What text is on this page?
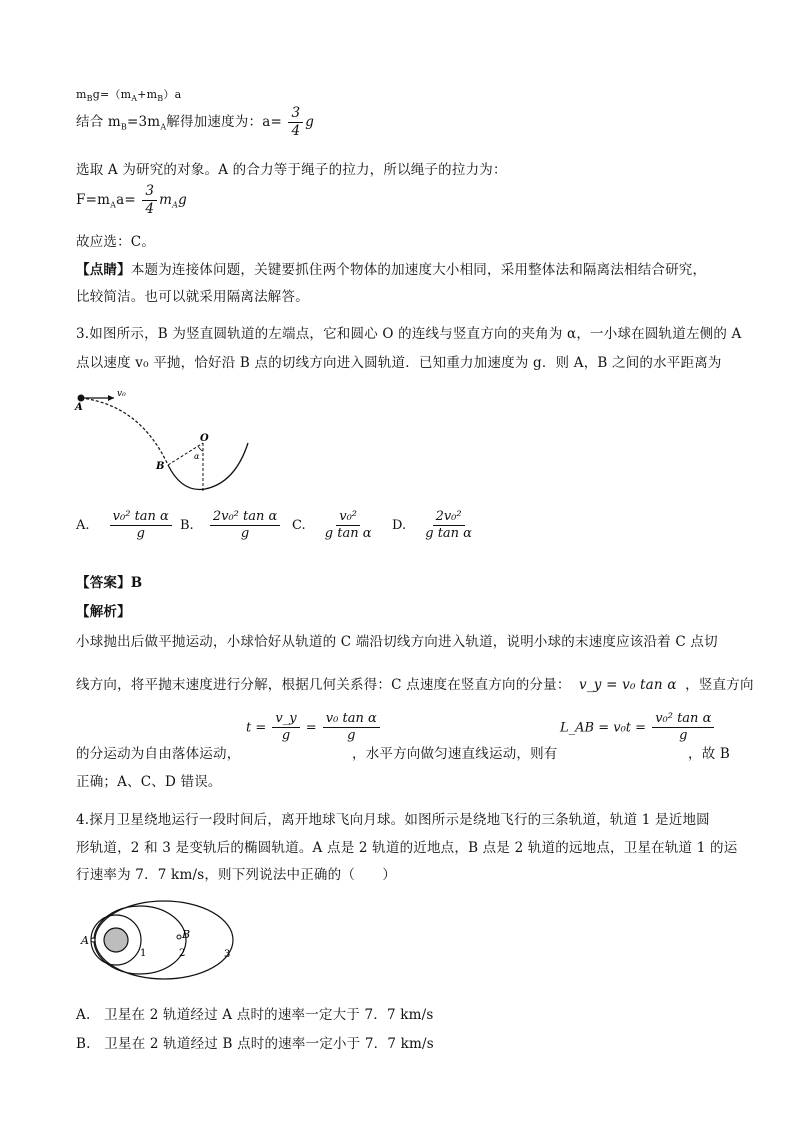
$m_Bg=(m_A+m_B)a$
结合 $m_B=3m_A$解得加速度为：$a= \frac{3}{4}$ g
选取 A 为研究的对象。A 的合力等于绳子的拉力，所以绳子的拉力为：
$F=m_Aa= \frac{3}{4} m_Ag$
故应选：C。
【点睛】本题为连接体问题，关键要抓住两个物体的加速度大小相同，采用整体法和隔离法相结合研究，
比较简洁。也可以就采用隔离法解答。
3.如图所示，B 为竖直圆轨道的左端点，它和圆心 O 的连线与竖直方向的夹角为 α，一小球在圆轨道左侧的 A
点以速度 v₀ 平抛，恰好沿 B 点的切线方向进入圆轨道．已知重力加速度为 g．则 A，B 之间的水平距离为
v₀
A
O
B
α
A. $\frac{\text{v₀² tan α}}{g} B$. $\frac{\text{2v₀² tan α}}{g} C$. $\frac{\text{v₀²}}{\text{g tan α}} D$. $\frac{\text{2v₀²}}{\text{g tan α}}$
【答案】B
【解析】
小球抛出后做平抛运动，小球恰好从轨道的 C 端沿切线方向进入轨道，说明小球的末速度应该沿着 C 点切
线方向，将平抛末速度进行分解，根据几何关系得：C 点速度在竖直方向的分量： v_y = v₀ tan α ，竖直方向
$t = \frac{v\_y}{g} = \frac{\text{v₀ tan α}}{g}$	L_AB = $v_0t = \frac{\text{v₀² tan α}}{g}$
的分运动为自由落体运动，	，水平方向做匀速直线运动，则有	，故 B
正确；A、C、D 错误。
4.探月卫星绕地运行一段时间后，离开地球飞向月球。如图所示是绕地飞行的三条轨道，轨道 1 是近地圆
形轨道，2 和 3 是变轨后的椭圆轨道。A 点是 2 轨道的近地点，B 点是 2 轨道的远地点，卫星在轨道 1 的运
行速率为 7．7 km/s，则下列说法中正确的（　　）
A	B
1	2	3
A.　卫星在 2 轨道经过 A 点时的速率一定大于 7．7 km/s
B.　卫星在 2 轨道经过 B 点时的速率一定小于 7．7 km/s
